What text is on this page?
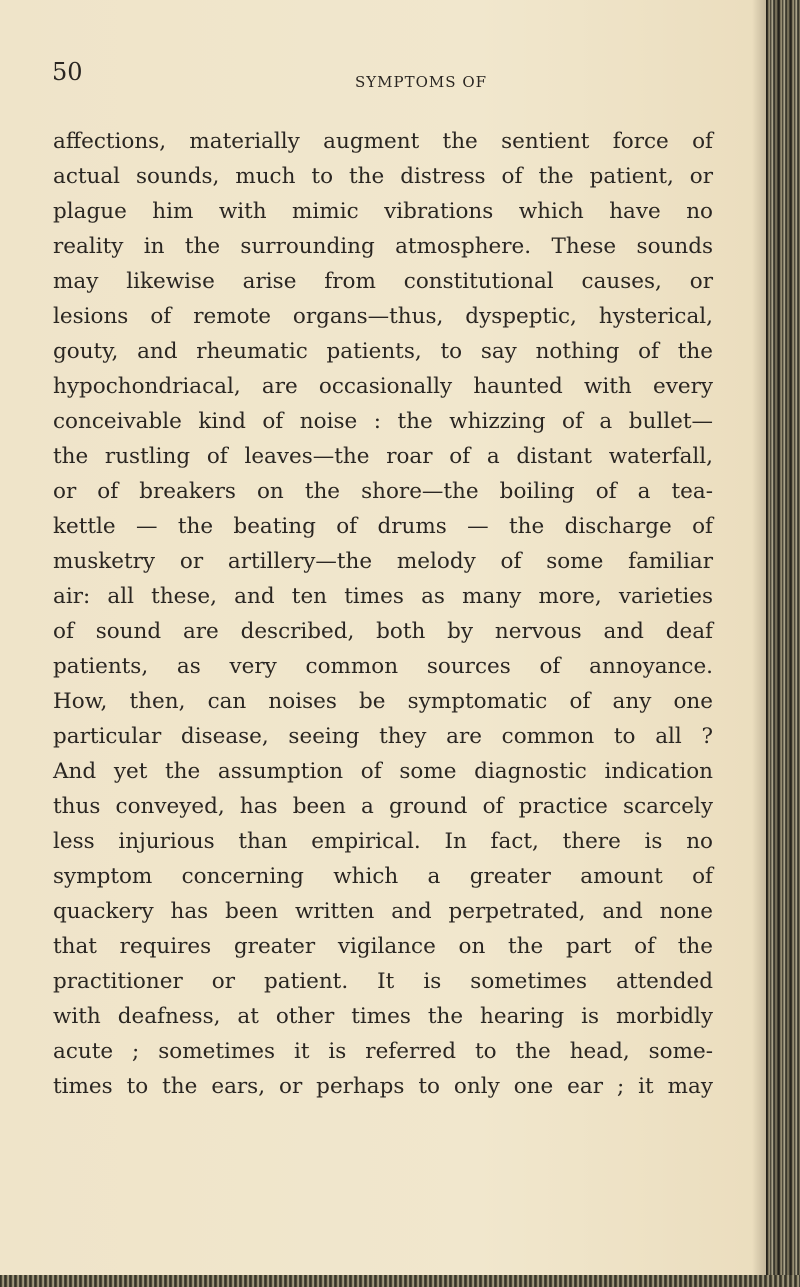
50	SYMPTOMS OF
affections, materially augment the sentient force of
actual sounds, much to the distress of the patient, or
plague him with mimic vibrations which have no
reality in the surrounding atmosphere. These sounds
may likewise arise from constitutional causes, or
lesions of remote organs—thus, dyspeptic, hysterical,
gouty, and rheumatic patients, to say nothing of the
hypochondriacal, are occasionally haunted with every
conceivable kind of noise : the whizzing of a bullet—
the rustling of leaves—the roar of a distant waterfall,
or of breakers on the shore—the boiling of a tea-
kettle — the beating of drums — the discharge of
musketry or artillery—the melody of some familiar
air: all these, and ten times as many more, varieties
of sound are described, both by nervous and deaf
patients, as very common sources of annoyance.
How, then, can noises be symptomatic of any one
particular disease, seeing they are common to all ?
And yet the assumption of some diagnostic indication
thus conveyed, has been a ground of practice scarcely
less injurious than empirical. In fact, there is no
symptom concerning which a greater amount of
quackery has been written and perpetrated, and none
that requires greater vigilance on the part of the
practitioner or patient. It is sometimes attended
with deafness, at other times the hearing is morbidly
acute ; sometimes it is referred to the head, some-
times to the ears, or perhaps to only one ear ; it may
